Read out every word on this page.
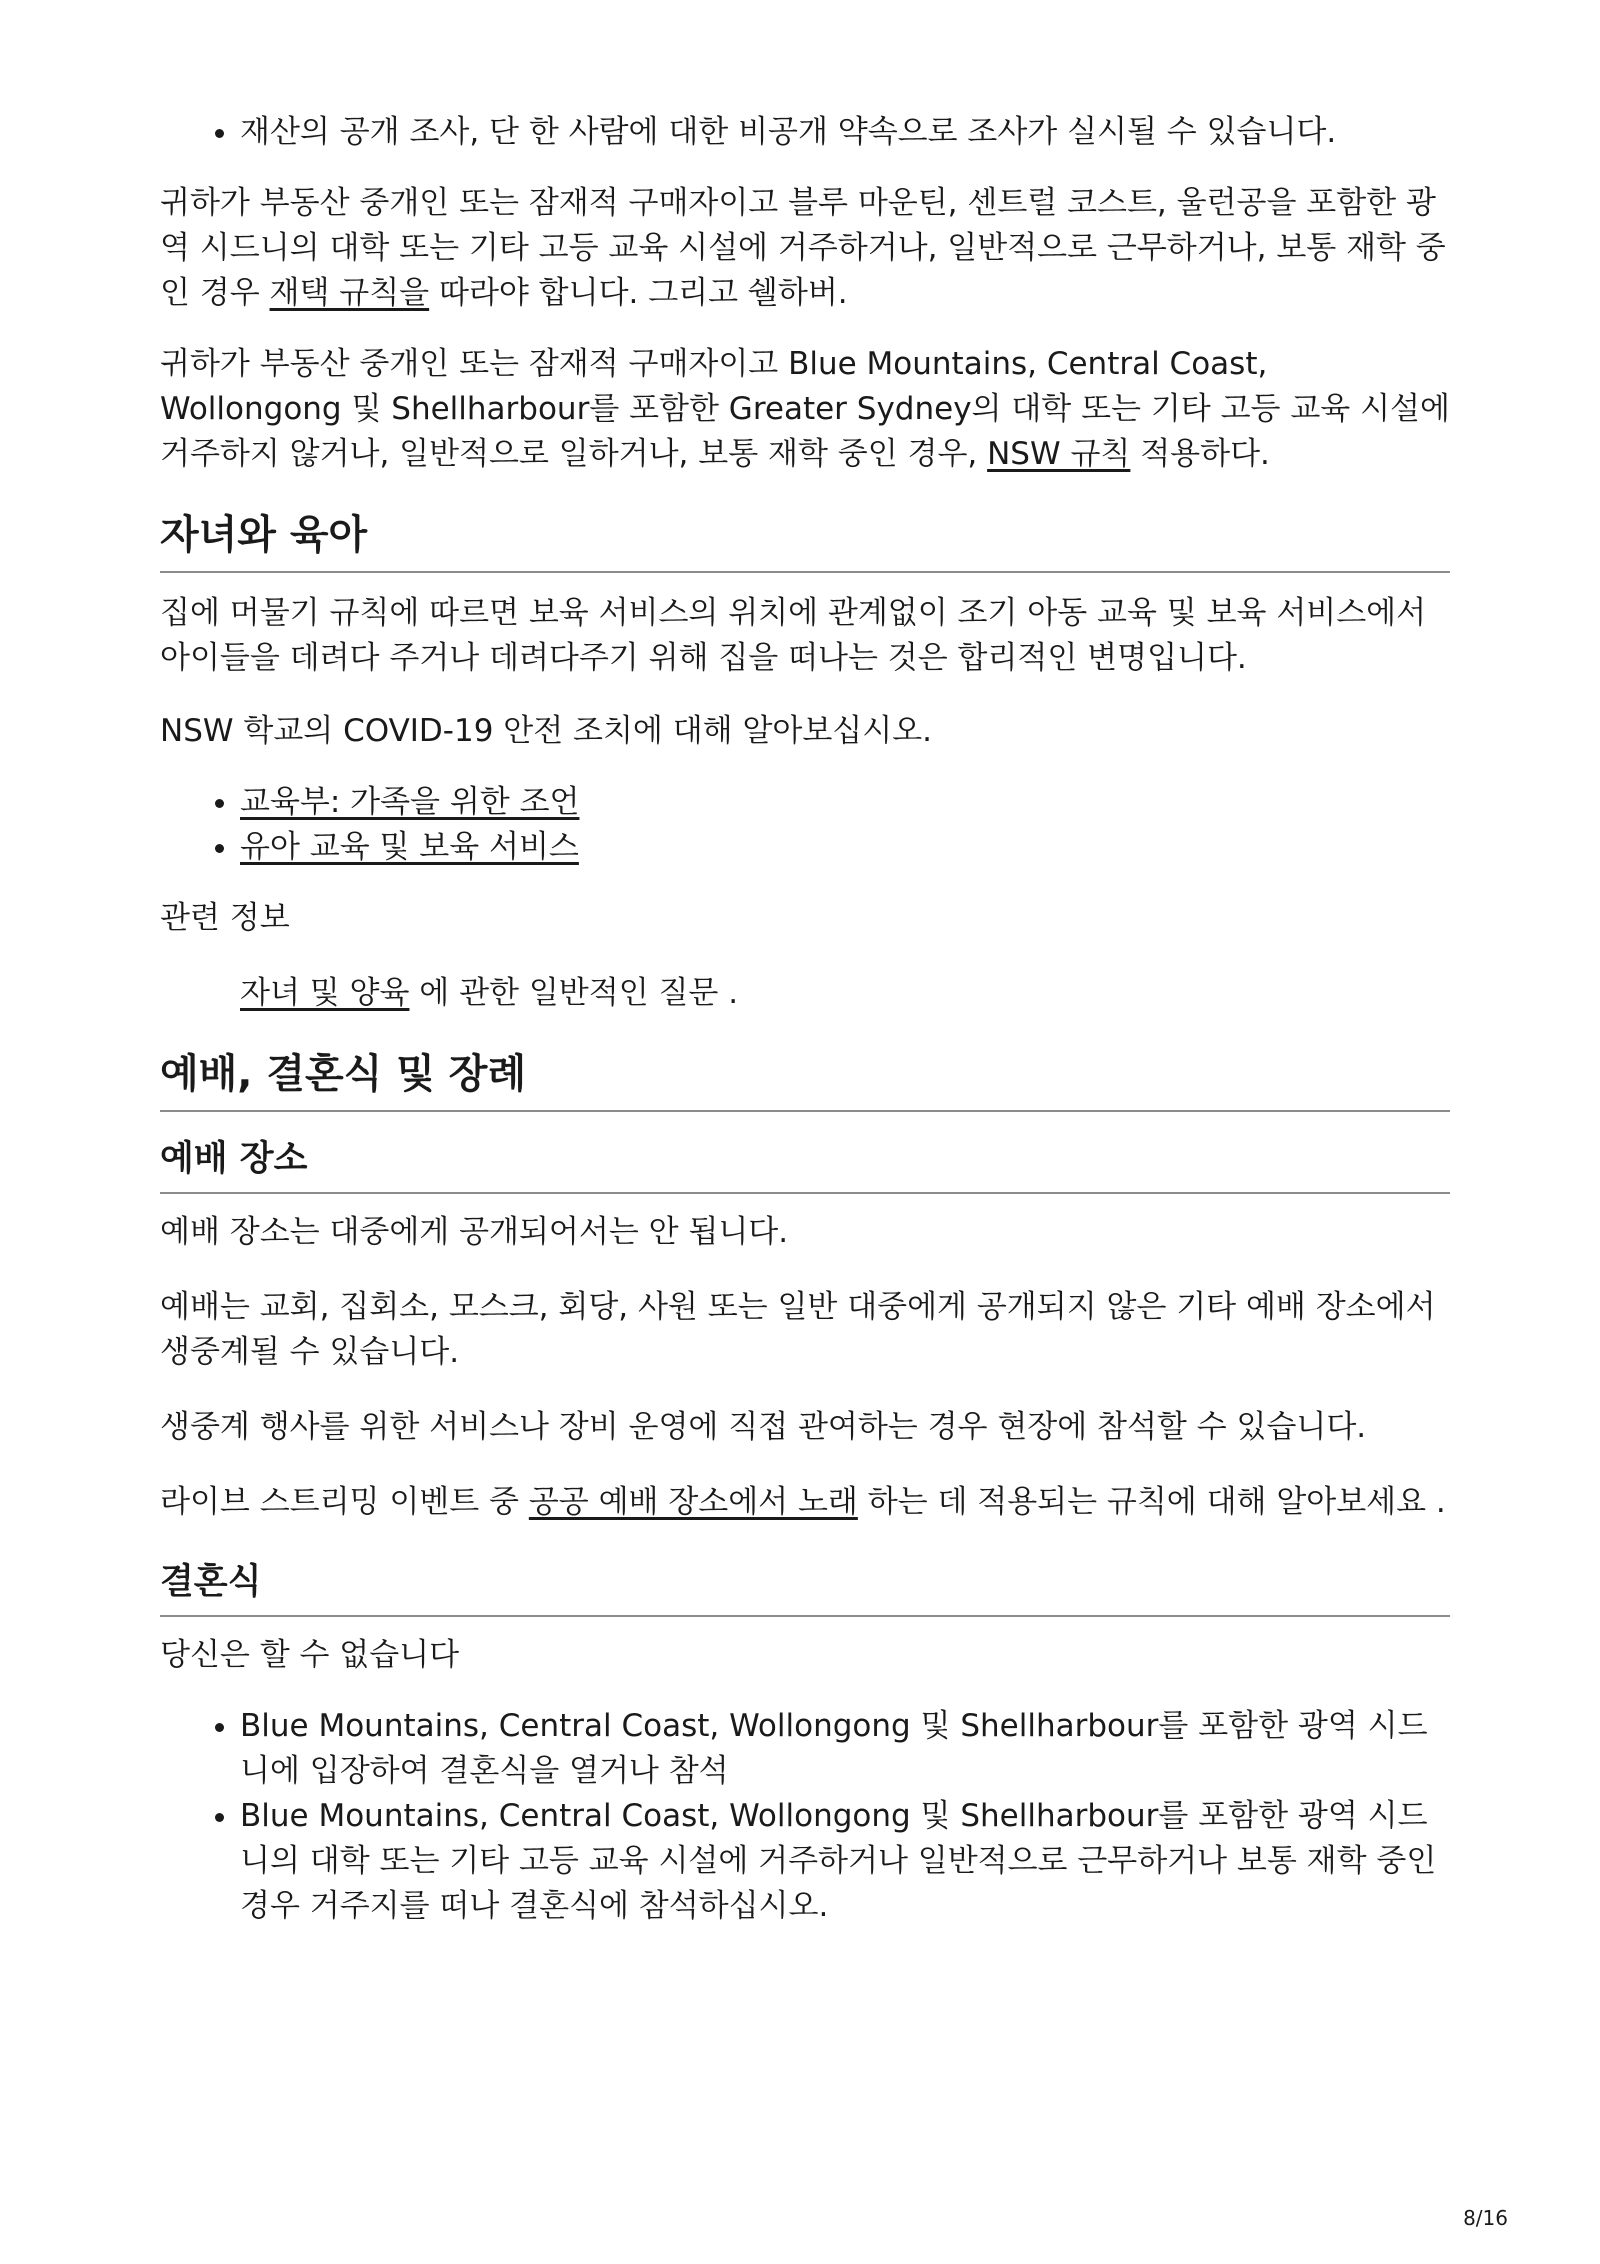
• 재산의 공개 조사, 단 한 사람에 대한 비공개 약속으로 조사가 실시될 수 있습니다.

귀하가 부동산 중개인 또는 잠재적 구매자이고 블루 마운틴, 센트럴 코스트, 울런공을 포함한 광역 시드니의 대학 또는 기타 고등 교육 시설에 거주하거나, 일반적으로 근무하거나, 보통 재학 중인 경우 재택 규칙을 따라야 합니다. 그리고 쉘하버.

귀하가 부동산 중개인 또는 잠재적 구매자이고 Blue Mountains, Central Coast, Wollongong 및 Shellharbour를 포함한 Greater Sydney의 대학 또는 기타 고등 교육 시설에 거주하지 않거나, 일반적으로 일하거나, 보통 재학 중인 경우, NSW 규칙 적용하다.

자녀와 육아

집에 머물기 규칙에 따르면 보육 서비스의 위치에 관계없이 조기 아동 교육 및 보육 서비스에서 아이들을 데려다 주거나 데려다주기 위해 집을 떠나는 것은 합리적인 변명입니다.

NSW 학교의 COVID-19 안전 조치에 대해 알아보십시오.

• 교육부: 가족을 위한 조언
• 유아 교육 및 보육 서비스

관련 정보

자녀 및 양육 에 관한 일반적인 질문 .

예배, 결혼식 및 장례
예배 장소

예배 장소는 대중에게 공개되어서는 안 됩니다.

예배는 교회, 집회소, 모스크, 회당, 사원 또는 일반 대중에게 공개되지 않은 기타 예배 장소에서 생중계될 수 있습니다.

생중계 행사를 위한 서비스나 장비 운영에 직접 관여하는 경우 현장에 참석할 수 있습니다.

라이브 스트리밍 이벤트 중 공공 예배 장소에서 노래 하는 데 적용되는 규칙에 대해 알아보세요 .

결혼식

당신은 할 수 없습니다

• Blue Mountains, Central Coast, Wollongong 및 Shellharbour를 포함한 광역 시드니에 입장하여 결혼식을 열거나 참석
• Blue Mountains, Central Coast, Wollongong 및 Shellharbour를 포함한 광역 시드니의 대학 또는 기타 고등 교육 시설에 거주하거나 일반적으로 근무하거나 보통 재학 중인 경우 거주지를 떠나 결혼식에 참석하십시오.
8/16
